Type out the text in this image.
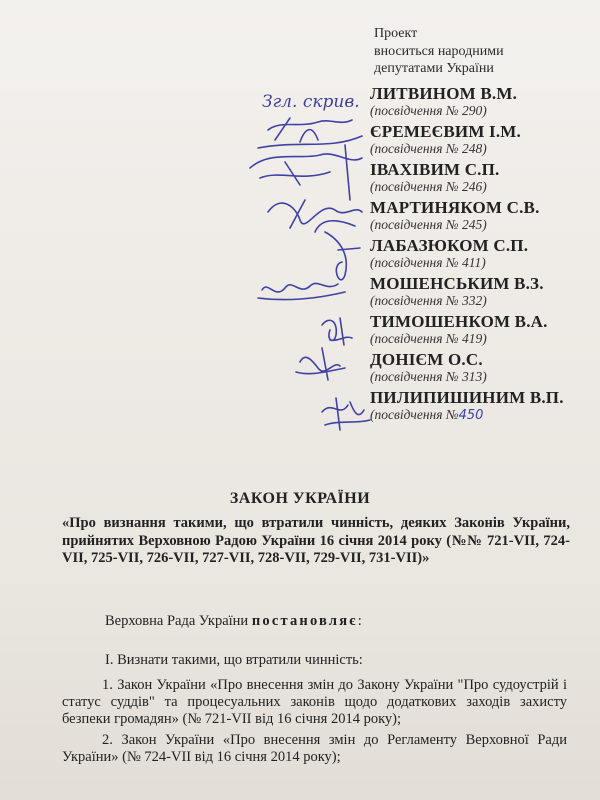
Проект
вноситься народними
депутатами України
ЛИТВИНОМ В.М.
(посвідчення № 290)
ЄРЕМЕЄВИМ І.М.
(посвідчення № 248)
ІВАХІВИМ С.П.
(посвідчення № 246)
МАРТИНЯКОМ С.В.
(посвідчення № 245)
ЛАБАЗЮКОМ С.П.
(посвідчення № 411)
МОШЕНСЬКИМ В.З.
(посвідчення № 332)
ТИМОШЕНКОМ В.А.
(посвідчення № 419)
ДОНІЄМ О.С.
(посвідчення № 313)
ПИЛИПИШИНИМ В.П.
(посвідчення №450
Згл. скрив.
ЗАКОН УКРАЇНИ
«Про визнання такими, що втратили чинність, деяких Законів України, прийнятих Верховною Радою України 16 січня 2014 року (№№ 721-VII, 724-VII, 725-VII, 726-VII, 727-VII, 728-VII, 729-VII, 731-VII)»
Верховна Рада України постановляє:
I. Визнати такими, що втратили чинність:
1. Закон України «Про внесення змін до Закону України "Про судоустрій і статус суддів" та процесуальних законів щодо додаткових заходів захисту безпеки громадян» (№ 721-VII від 16 січня 2014 року);
2. Закон України «Про внесення змін до Регламенту Верховної Ради України» (№ 724-VII від 16 січня 2014 року);
